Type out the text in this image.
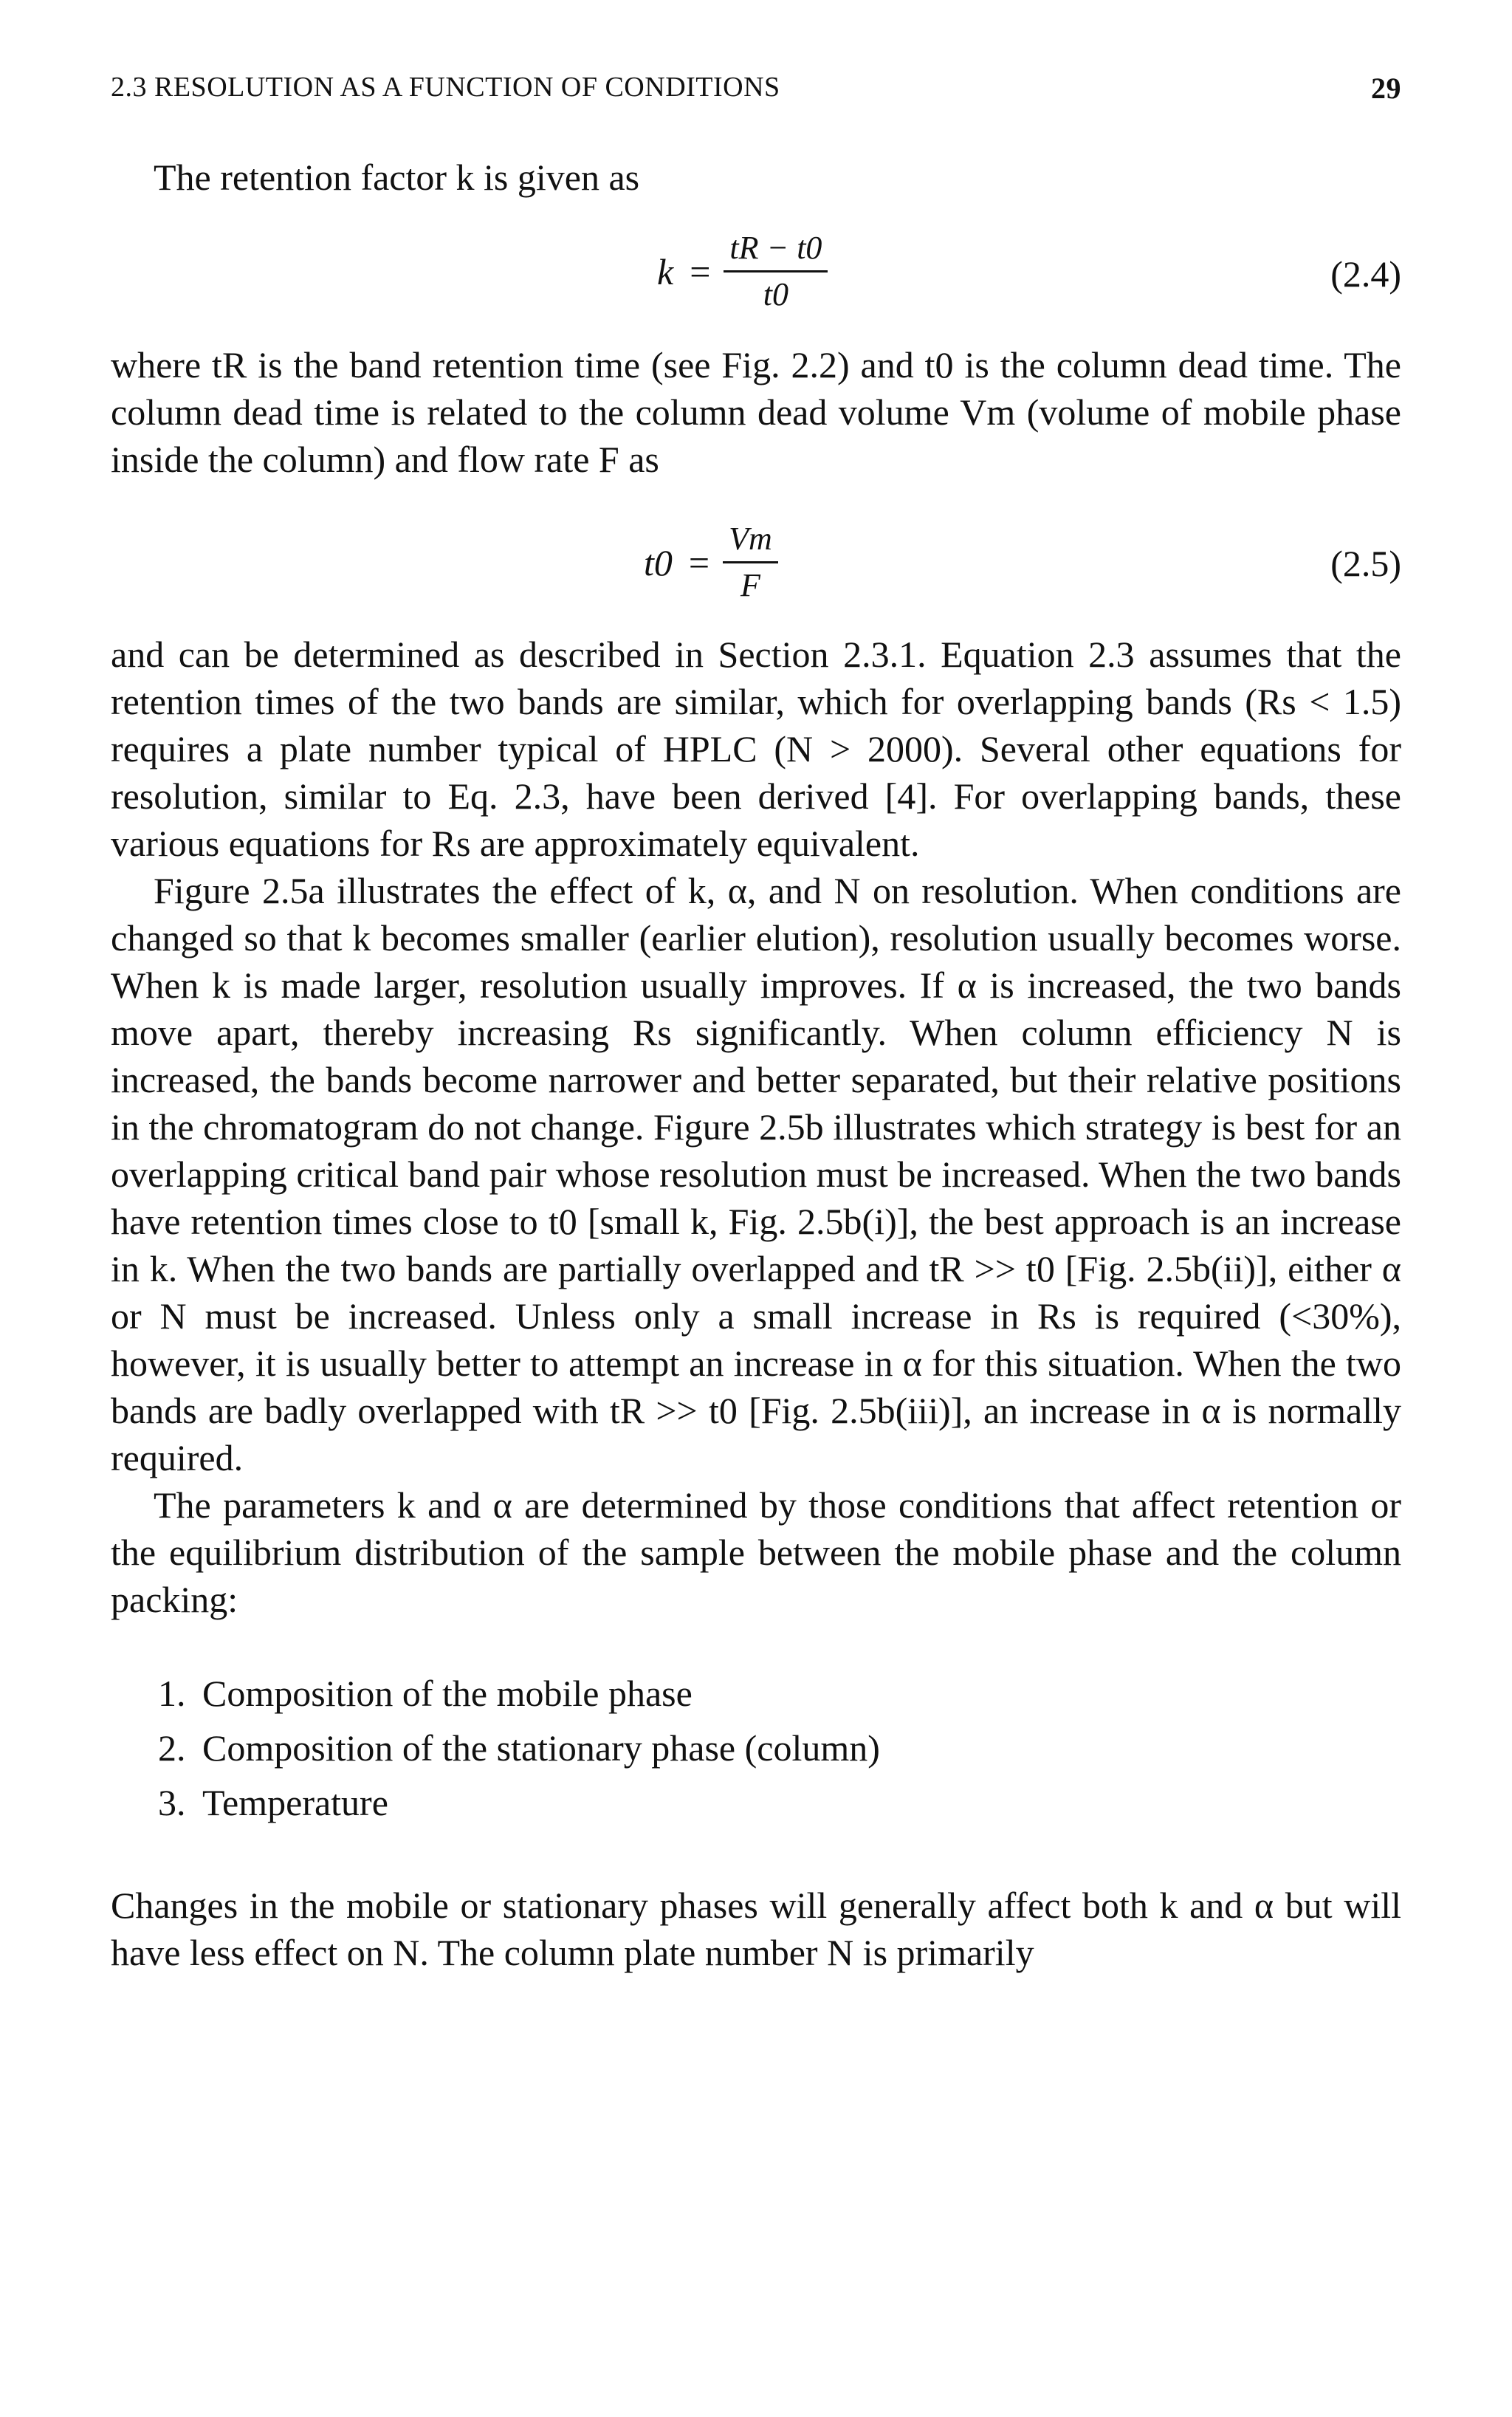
2.3 RESOLUTION AS A FUNCTION OF CONDITIONS	29

The retention factor k is given as

$k = \frac{tR - t0}{t0}$	(2.4)

where tR is the band retention time (see Fig. 2.2) and t0 is the column dead time. The column dead time is related to the column dead volume Vm (volume of mobile phase inside the column) and flow rate F as

$t0 = \frac{Vm}{F}$	(2.5)

and can be determined as described in Section 2.3.1. Equation 2.3 assumes that the retention times of the two bands are similar, which for overlapping bands (Rs < 1.5) requires a plate number typical of HPLC (N > 2000). Several other equations for resolution, similar to Eq. 2.3, have been derived [4]. For overlapping bands, these various equations for Rs are approximately equivalent.

Figure 2.5a illustrates the effect of k, α, and N on resolution. When conditions are changed so that k becomes smaller (earlier elution), resolution usually becomes worse. When k is made larger, resolution usually improves. If α is increased, the two bands move apart, thereby increasing Rs significantly. When column efficiency N is increased, the bands become narrower and better separated, but their relative positions in the chromatogram do not change. Figure 2.5b illustrates which strategy is best for an overlapping critical band pair whose resolution must be increased. When the two bands have retention times close to t0 [small k, Fig. 2.5b(i)], the best approach is an increase in k. When the two bands are partially overlapped and tR >> t0 [Fig. 2.5b(ii)], either α or N must be increased. Unless only a small increase in Rs is required (<30%), however, it is usually better to attempt an increase in α for this situation. When the two bands are badly overlapped with tR >> t0 [Fig. 2.5b(iii)], an increase in α is normally required.

The parameters k and α are determined by those conditions that affect retention or the equilibrium distribution of the sample between the mobile phase and the column packing:

1. Composition of the mobile phase
2. Composition of the stationary phase (column)
3. Temperature

Changes in the mobile or stationary phases will generally affect both k and α but will have less effect on N. The column plate number N is primarily
